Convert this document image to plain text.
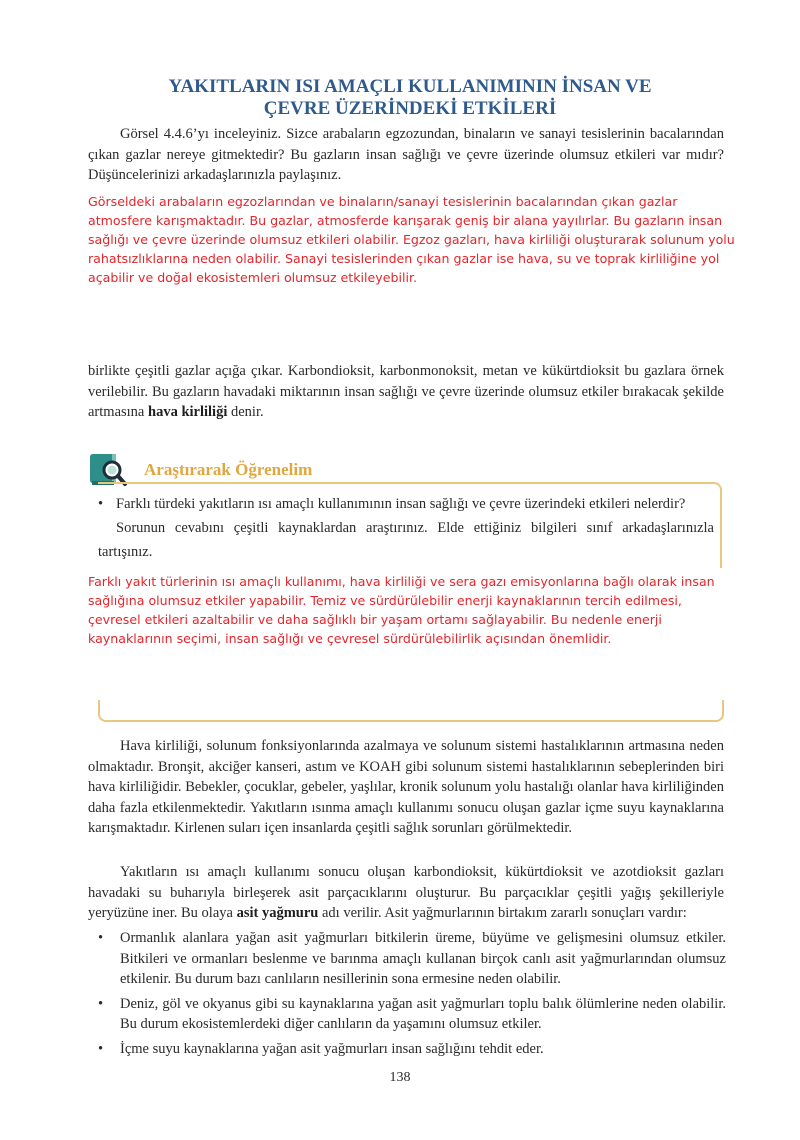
YAKITLARIN ISI AMAÇLI KULLANIMININ İNSAN VE
ÇEVRE ÜZERİNDEKİ ETKİLERİ

Görsel 4.4.6’yı inceleyiniz. Sizce arabaların egzozundan, binaların ve sanayi tesislerinin bacalarından çıkan gazlar nereye gitmektedir? Bu gazların insan sağlığı ve çevre üzerinde olumsuz etkileri var mıdır? Düşüncelerinizi arkadaşlarınızla paylaşınız.

Görseldeki arabaların egzozlarından ve binaların/sanayi tesislerinin bacalarından çıkan gazlar atmosfere karışmaktadır. Bu gazlar, atmosferde karışarak geniş bir alana yayılırlar. Bu gazların insan sağlığı ve çevre üzerinde olumsuz etkileri olabilir. Egzoz gazları, hava kirliliği oluşturarak solunum yolu rahatsızlıklarına neden olabilir. Sanayi tesislerinden çıkan gazlar ise hava, su ve toprak kirliliğine yol açabilir ve doğal ekosistemleri olumsuz etkileyebilir.

birlikte çeşitli gazlar açığa çıkar. Karbondioksit, karbonmonoksit, metan ve kükürtdioksit bu gazlara örnek verilebilir. Bu gazların havadaki miktarının insan sağlığı ve çevre üzerinde olumsuz etkiler bırakacak şekilde artmasına hava kirliliği denir.

Araştırarak Öğrenelim
• Farklı türdeki yakıtların ısı amaçlı kullanımının insan sağlığı ve çevre üzerindeki etkileri nelerdir?
Sorunun cevabını çeşitli kaynaklardan araştırınız. Elde ettiğiniz bilgileri sınıf arkadaşlarınızla tartışınız.

Farklı yakıt türlerinin ısı amaçlı kullanımı, hava kirliliği ve sera gazı emisyonlarına bağlı olarak insan sağlığına olumsuz etkiler yapabilir. Temiz ve sürdürülebilir enerji kaynaklarının tercih edilmesi, çevresel etkileri azaltabilir ve daha sağlıklı bir yaşam ortamı sağlayabilir. Bu nedenle enerji kaynaklarının seçimi, insan sağlığı ve çevresel sürdürülebilirlik açısından önemlidir.

Hava kirliliği, solunum fonksiyonlarında azalmaya ve solunum sistemi hastalıklarının artmasına neden olmaktadır. Bronşit, akciğer kanseri, astım ve KOAH gibi solunum sistemi hastalıklarının sebeplerinden biri hava kirliliğidir. Bebekler, çocuklar, gebeler, yaşlılar, kronik solunum yolu hastalığı olanlar hava kirliliğinden daha fazla etkilenmektedir. Yakıtların ısınma amaçlı kullanımı sonucu oluşan gazlar içme suyu kaynaklarına karışmaktadır. Kirlenen suları içen insanlarda çeşitli sağlık sorunları görülmektedir.

Yakıtların ısı amaçlı kullanımı sonucu oluşan karbondioksit, kükürtdioksit ve azotdioksit gazları havadaki su buharıyla birleşerek asit parçacıklarını oluşturur. Bu parçacıklar çeşitli yağış şekilleriyle yeryüzüne iner. Bu olaya asit yağmuru adı verilir. Asit yağmurlarının birtakım zararlı sonuçları vardır:

• Ormanlık alanlara yağan asit yağmurları bitkilerin üreme, büyüme ve gelişmesini olumsuz etkiler. Bitkileri ve ormanları beslenme ve barınma amaçlı kullanan birçok canlı asit yağmurlarından olumsuz etkilenir. Bu durum bazı canlıların nesillerinin sona ermesine neden olabilir.
• Deniz, göl ve okyanus gibi su kaynaklarına yağan asit yağmurları toplu balık ölümlerine neden olabilir. Bu durum ekosistemlerdeki diğer canlıların da yaşamını olumsuz etkiler.
• İçme suyu kaynaklarına yağan asit yağmurları insan sağlığını tehdit eder.
138
